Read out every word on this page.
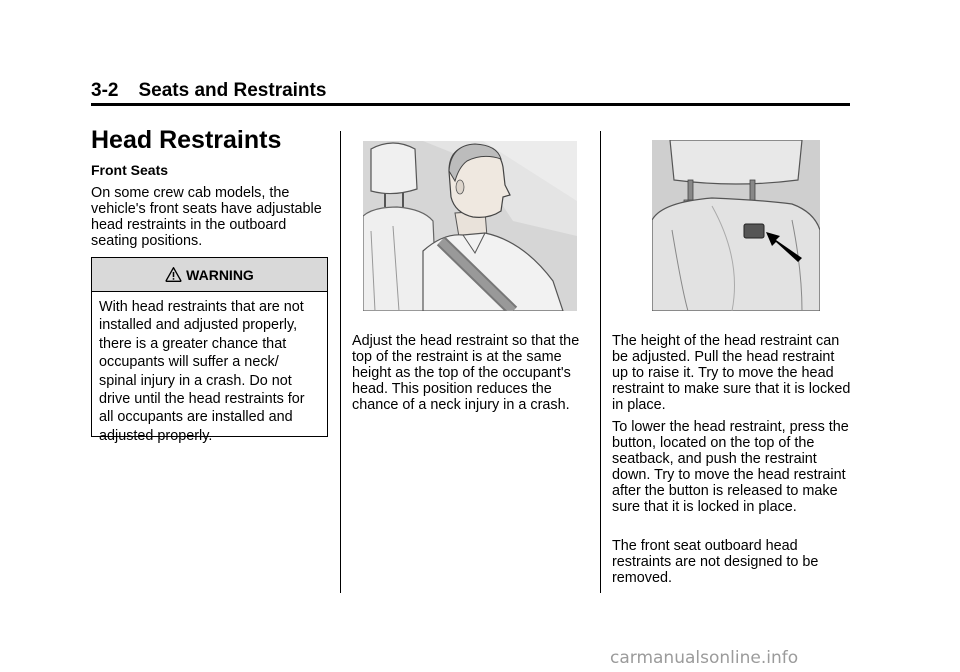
3-2 Seats and Restraints
Head Restraints
Front Seats

On some crew cab models, the vehicle's front seats have adjustable head restraints in the outboard seating positions.

WARNING
With head restraints that are not installed and adjusted properly, there is a greater chance that occupants will suffer a neck/ spinal injury in a crash. Do not drive until the head restraints for all occupants are installed and adjusted properly.

Adjust the head restraint so that the top of the restraint is at the same height as the top of the occupant's head. This position reduces the chance of a neck injury in a crash.

The height of the head restraint can be adjusted. Pull the head restraint up to raise it. Try to move the head restraint to make sure that it is locked in place.

To lower the head restraint, press the button, located on the top of the seatback, and push the restraint down. Try to move the head restraint after the button is released to make sure that it is locked in place.

The front seat outboard head restraints are not designed to be removed.

carmanualsonline.info
